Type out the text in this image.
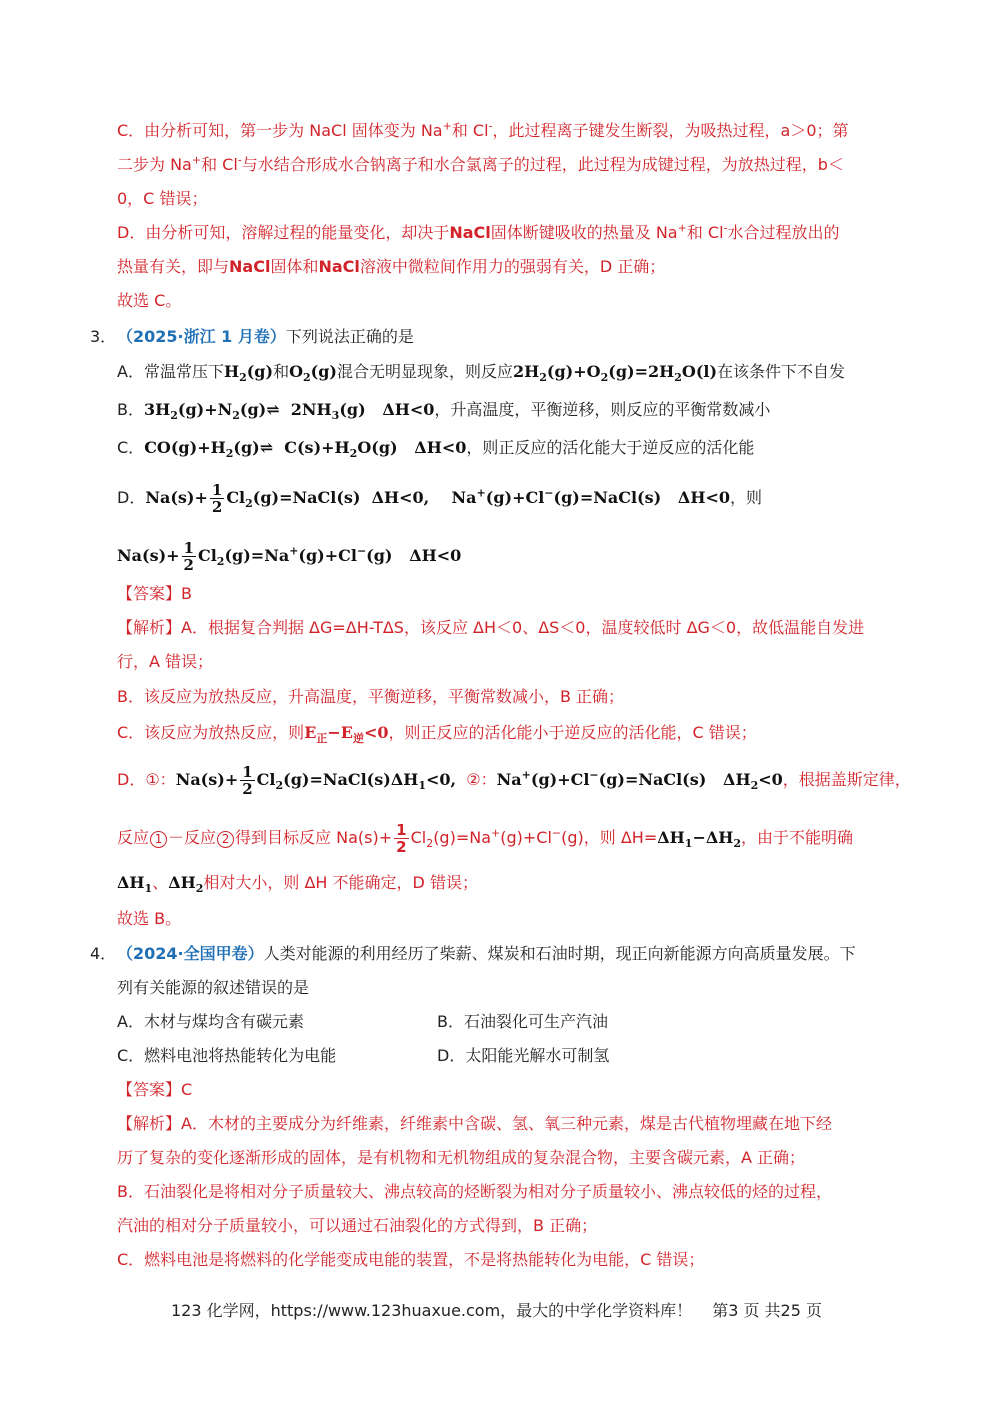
C．由分析可知，第一步为 NaCl 固体变为 Na+和 Cl-，此过程离子键发生断裂，为吸热过程，a＞0；第
二步为 Na+和 Cl-与水结合形成水合钠离子和水合氯离子的过程，此过程为成键过程，为放热过程，b＜
0，C 错误；
D．由分析可知，溶解过程的能量变化，却决于NaCl固体断键吸收的热量及 Na+和 Cl-水合过程放出的
热量有关，即与NaCl固体和NaCl溶液中微粒间作用力的强弱有关，D 正确；
故选 C。
3． （2025·浙江 1 月卷）下列说法正确的是
A．常温常压下$H_2(g)$和$O_2(g)$混合无明显现象，则反应$2H_2(g)+O_2(g)=2H_2O(l)$在该条件下不自发
B．$3H_2(g)+N_2(g)\rightleftharpoons$  $2NH_3(g)$   ΔH<0，升高温度，平衡逆移，则反应的平衡常数减小
C．$CO(g)+H_2(g)\rightleftharpoons$  $C(s)+H_2O(g)$   ΔH<0，则正反应的活化能大于逆反应的活化能
D．$Na(s)+ \frac{1}{2}$ $Cl_2(g)=NaCl(s)$  ΔH<0,    Na+(g)+Cl−(g)=NaCl(s)   ΔH<0，则
$Na(s)+ \frac{1}{2} Cl_2(g)=Na^+(g)+Cl^-(g)$   ΔH<0
【答案】B
【解析】A．根据复合判据 ΔG=ΔH-TΔS，该反应 ΔH＜0、ΔS＜0，温度较低时 ΔG＜0，故低温能自发进
行，A 错误；
B．该反应为放热反应，升高温度，平衡逆移，平衡常数减小，B 正确；
C．该反应为放热反应，则$E_正-E_逆<0$，则正反应的活化能小于逆反应的活化能，C 错误；
D．①：$Na(s)+ \frac{1}{2}$ $Cl_2(g)=NaCl(s)\Delta H_1<0$, ②：Na+(g)+Cl−(g)=NaCl(s)   $\Delta H_2<0$，根据盖斯定律，
反应 1 －反应 2 得到目标反应 $Na(s)+ \frac{1}{2} Cl_2(g)=Na^+(g)+Cl^-(g)$，则 $\Delta H=\Delta H_1-\Delta H_2$，由于不能明确
$\Delta H_1$、$\Delta H_2$相对大小，则 ΔH 不能确定，D 错误；
故选 B。
4． （2024·全国甲卷）人类对能源的利用经历了柴薪、煤炭和石油时期，现正向新能源方向高质量发展。下
列有关能源的叙述错误的是
A．木材与煤均含有碳元素	B．石油裂化可生产汽油
C．燃料电池将热能转化为电能	D．太阳能光解水可制氢
【答案】C
【解析】A．木材的主要成分为纤维素，纤维素中含碳、氢、氧三种元素，煤是古代植物埋藏在地下经
历了复杂的变化逐渐形成的固体，是有机物和无机物组成的复杂混合物，主要含碳元素，A 正确；
B．石油裂化是将相对分子质量较大、沸点较高的烃断裂为相对分子质量较小、沸点较低的烃的过程，
汽油的相对分子质量较小，可以通过石油裂化的方式得到，B 正确；
C．燃料电池是将燃料的化学能变成电能的装置，不是将热能转化为电能，C 错误；
123 化学网，https://www.123huaxue.com，最大的中学化学资料库！ 第3 页 共25 页
